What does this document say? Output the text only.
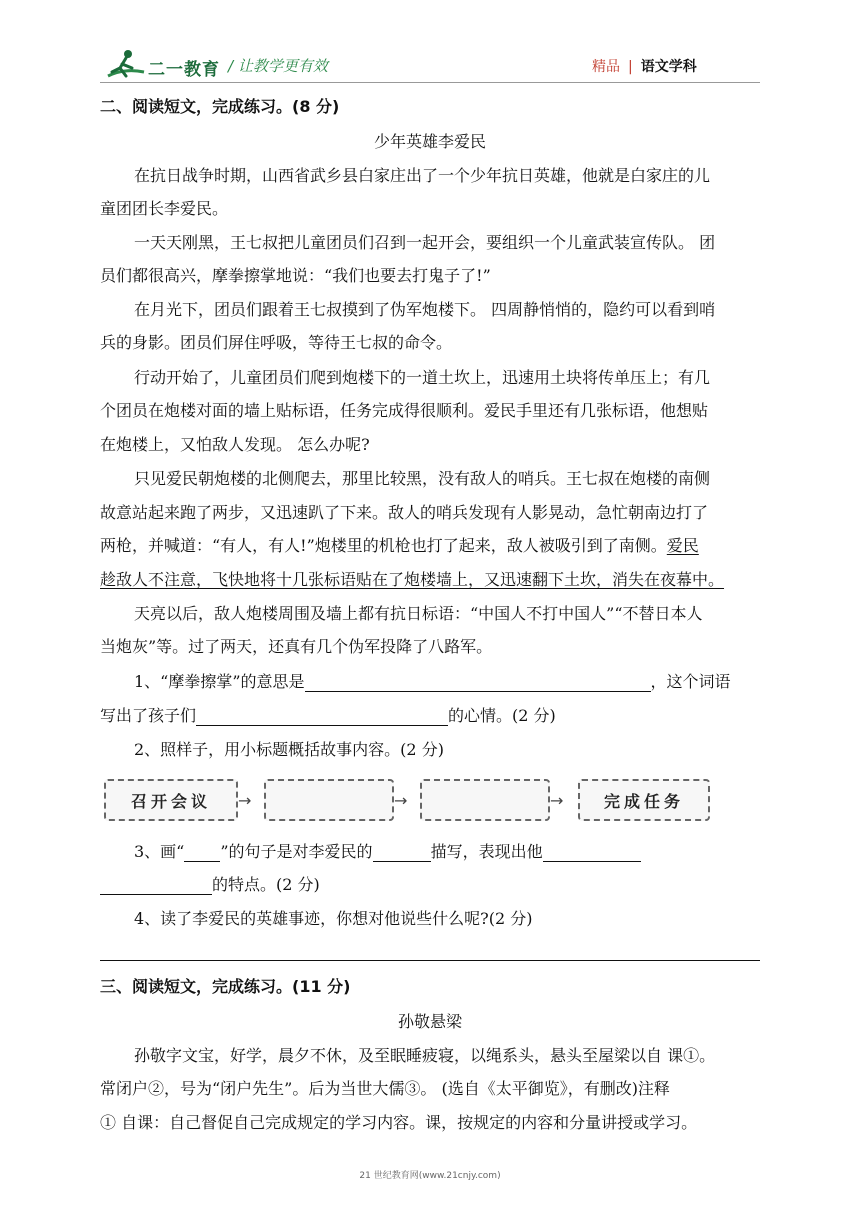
二一教育 / 让教学更有效	精品 | 语文学科
二、阅读短文，完成练习。(8 分)
少年英雄李爱民
在抗日战争时期，山西省武乡县白家庄出了一个少年抗日英雄，他就是白家庄的儿
童团团长李爱民。
一天天刚黑，王七叔把儿童团员们召到一起开会，要组织一个儿童武装宣传队。 团
员们都很高兴，摩拳擦掌地说：“我们也要去打鬼子了!”
在月光下，团员们跟着王七叔摸到了伪军炮楼下。 四周静悄悄的，隐约可以看到哨
兵的身影。团员们屏住呼吸，等待王七叔的命令。
行动开始了，儿童团员们爬到炮楼下的一道土坎上，迅速用土块将传单压上；有几
个团员在炮楼对面的墙上贴标语，任务完成得很顺利。爱民手里还有几张标语，他想贴
在炮楼上，又怕敌人发现。 怎么办呢?
只见爱民朝炮楼的北侧爬去，那里比较黑，没有敌人的哨兵。王七叔在炮楼的南侧
故意站起来跑了两步，又迅速趴了下来。敌人的哨兵发现有人影晃动，急忙朝南边打了
两枪，并喊道：“有人，有人!”炮楼里的机枪也打了起来，敌人被吸引到了南侧。爱民
趁敌人不注意，飞快地将十几张标语贴在了炮楼墙上，又迅速翻下土坎，消失在夜幕中。
天亮以后，敌人炮楼周围及墙上都有抗日标语：“中国人不打中国人”“不替日本人
当炮灰”等。过了两天，还真有几个伪军投降了八路军。
1、“摩拳擦掌”的意思是	，这个词语
写出了孩子们	的心情。(2 分)
2、照样子，用小标题概括故事内容。(2 分)
召开会议	→	→	→	完成任务
3、画“ ”的句子是对李爱民的	描写，表现出他
的特点。(2 分)
4、读了李爱民的英雄事迹，你想对他说些什么呢?(2 分)
三、阅读短文，完成练习。(11 分)
孙敬悬梁
孙敬字文宝，好学，晨夕不休，及至眠睡疲寝，以绳系头，悬头至屋梁以自 课①。
常闭户②，号为“闭户先生”。后为当世大儒③。 (选自《太平御览》，有删改)注释
① 自课：自己督促自己完成规定的学习内容。课，按规定的内容和分量讲授或学习。
21 世纪教育网(www.21cnjy.com)
